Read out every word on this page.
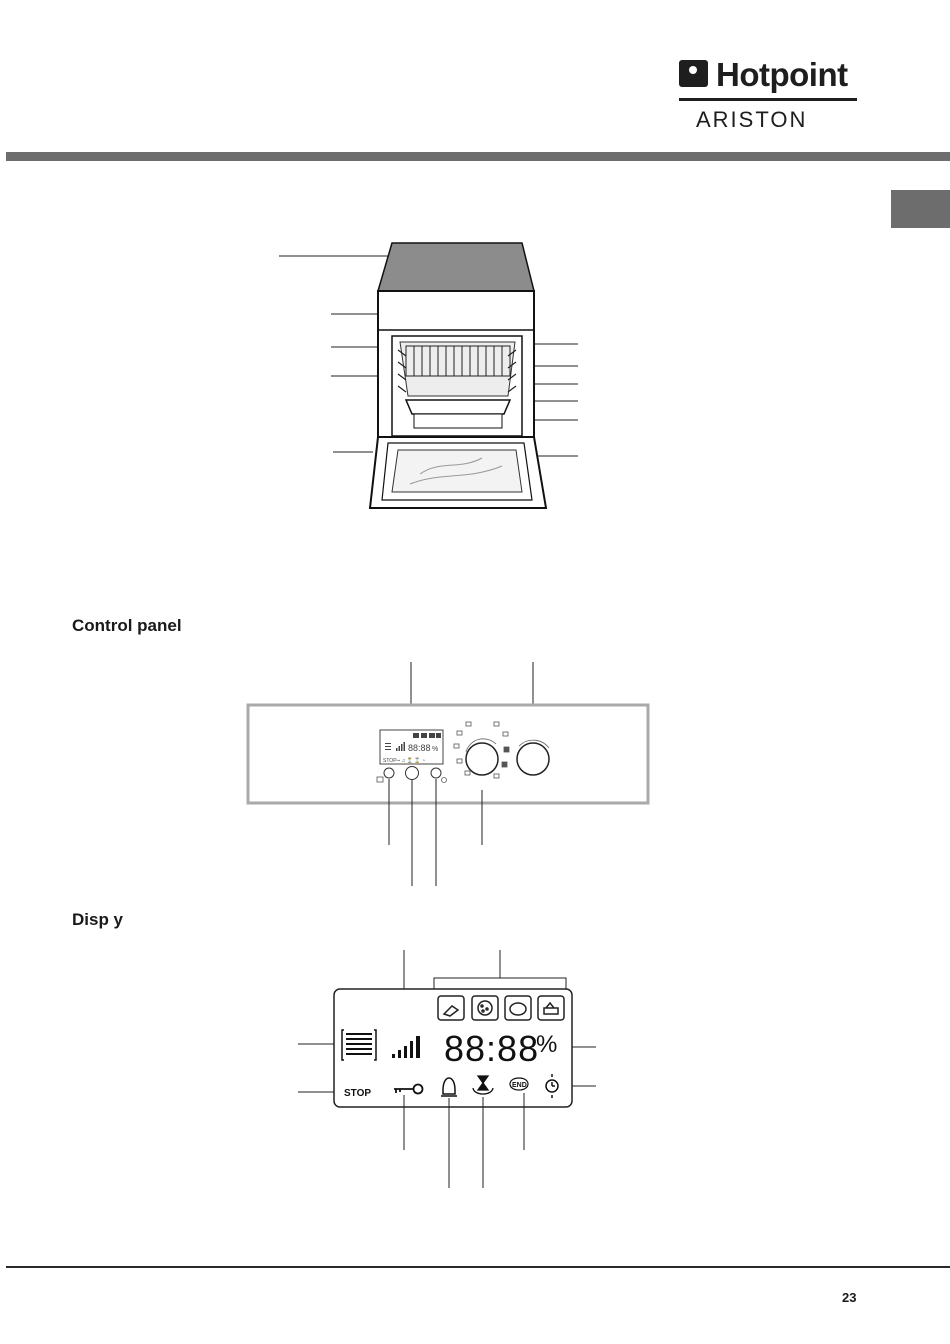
Hotpoint
ARISTON
Control panel
88:88 %
STOP ⊸ ♫ ⏳ ⌛ ◔
Disp y
88:88
%
STOP
END
23
